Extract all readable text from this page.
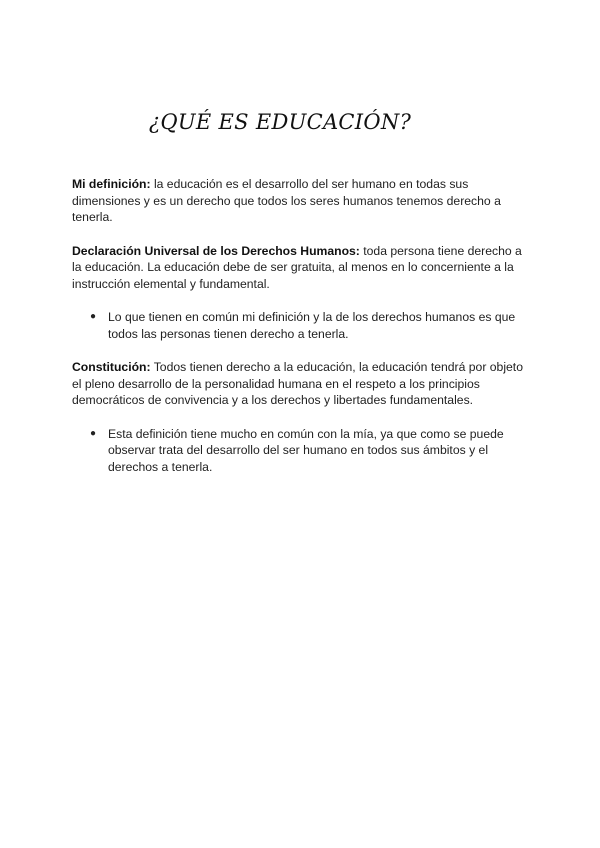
¿QUÉ ES EDUCACIÓN?

Mi definición: la educación es el desarrollo del ser humano en todas sus dimensiones y es un derecho que todos los seres humanos tenemos derecho a tenerla.

Declaración Universal de los Derechos Humanos: toda persona tiene derecho a la educación. La educación debe de ser gratuita, al menos en lo concerniente a la instrucción elemental y fundamental.

● Lo que tienen en común mi definición y la de los derechos humanos es que todos las personas tienen derecho a tenerla.

Constitución: Todos tienen derecho a la educación, la educación tendrá por objeto el pleno desarrollo de la personalidad humana en el respeto a los principios democráticos de convivencia y a los derechos y libertades fundamentales.

● Esta definición tiene mucho en común con la mía, ya que como se puede observar trata del desarrollo del ser humano en todos sus ámbitos y el derechos a tenerla.
